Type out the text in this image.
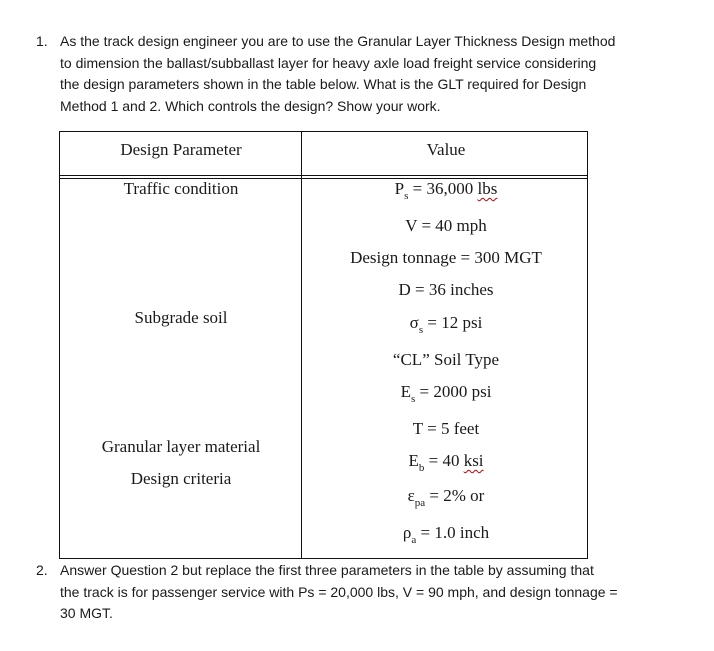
1. As the track design engineer you are to use the Granular Layer Thickness Design method
to dimension the ballast/subballast layer for heavy axle load freight service considering
the design parameters shown in the table below. What is the GLT required for Design
Method 1 and 2. Which controls the design? Show your work.
Design Parameter	Value
Traffic condition
Subgrade soil
Granular layer material
Design criteria
$P_s = 36,000$ lbs
V = 40 mph
Design tonnage = 300 MGT
D = 36 inches
$\sigma_s = 12$ psi
“CL” Soil Type
$E_s = 2000$ psi
T = 5 feet
$E_b = 40$ ksi
$\varepsilon_{pa} = 2\%$ or
$\rho_a = 1.0$ inch
2. Answer Question 2 but replace the first three parameters in the table by assuming that
the track is for passenger service with Ps = 20,000 lbs, V = 90 mph, and design tonnage =
30 MGT.
